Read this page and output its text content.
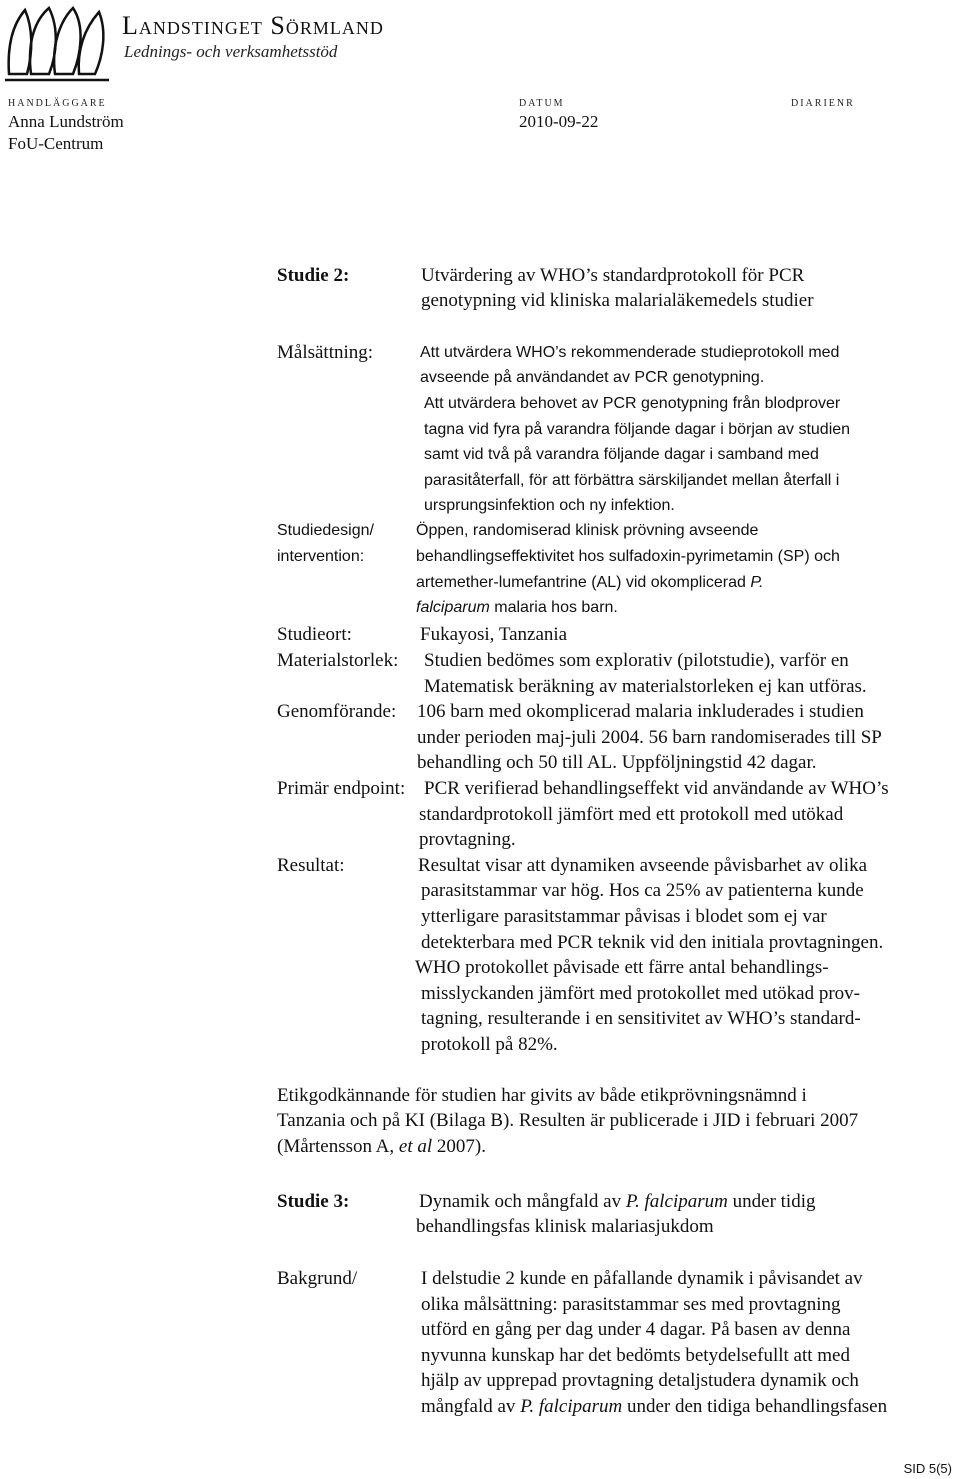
Landstinget Sörmland
Lednings- och verksamhetsstöd
HANDLÄGGARE
Anna Lundström
FoU-Centrum
DATUM
2010-09-22
DIARIENR
Studie 2:	Utvärdering av WHO’s standardprotokoll för PCR
genotypning vid kliniska malarialäkemedels studier
Målsättning:	Att utvärdera WHO’s rekommenderade studieprotokoll med
avseende på användandet av PCR genotypning.
Att utvärdera behovet av PCR genotypning från blodprover
tagna vid fyra på varandra följande dagar i början av studien
samt vid två på varandra följande dagar i samband med
parasitåterfall, för att förbättra särskiljandet mellan återfall i
ursprungsinfektion och ny infektion.
Studiedesign/
intervention:
Öppen, randomiserad klinisk prövning avseende
behandlingseffektivitet hos sulfadoxin-pyrimetamin (SP) och
artemether-lumefantrine (AL) vid okomplicerad P.
falciparum malaria hos barn.
Studieort:	Fukayosi, Tanzania
Materialstorlek: Studien bedömes som explorativ (pilotstudie), varför en
Matematisk beräkning av materialstorleken ej kan utföras.
Genomförande: 106 barn med okomplicerad malaria inkluderades i studien
under perioden maj-juli 2004. 56 barn randomiserades till SP
behandling och 50 till AL. Uppföljningstid 42 dagar.
Primär endpoint: PCR verifierad behandlingseffekt vid användande av WHO’s
standardprotokoll jämfört med ett protokoll med utökad
provtagning.
Resultat:	Resultat visar att dynamiken avseende påvisbarhet av olika
parasitstammar var hög. Hos ca 25% av patienterna kunde
ytterligare parasitstammar påvisas i blodet som ej var
detekterbara med PCR teknik vid den initiala provtagningen.
WHO protokollet påvisade ett färre antal behandlings-
misslyckanden jämfört med protokollet med utökad prov-
tagning, resulterande i en sensitivitet av WHO’s standard-
protokoll på 82%.
Etikgodkännande för studien har givits av både etikprövningsnämnd i
Tanzania och på KI (Bilaga B). Resulten är publicerade i JID i februari 2007
(Mårtensson A, et al 2007).
Studie 3:	Dynamik och mångfald av P. falciparum under tidig
behandlingsfas klinisk malariasjukdom
Bakgrund/	I delstudie 2 kunde en påfallande dynamik i påvisandet av
olika målsättning: parasitstammar ses med provtagning
utförd en gång per dag under 4 dagar. På basen av denna
nyvunna kunskap har det bedömts betydelsefullt att med
hjälp av upprepad provtagning detaljstudera dynamik och
mångfald av P. falciparum under den tidiga behandlingsfasen
SID 5(5)
